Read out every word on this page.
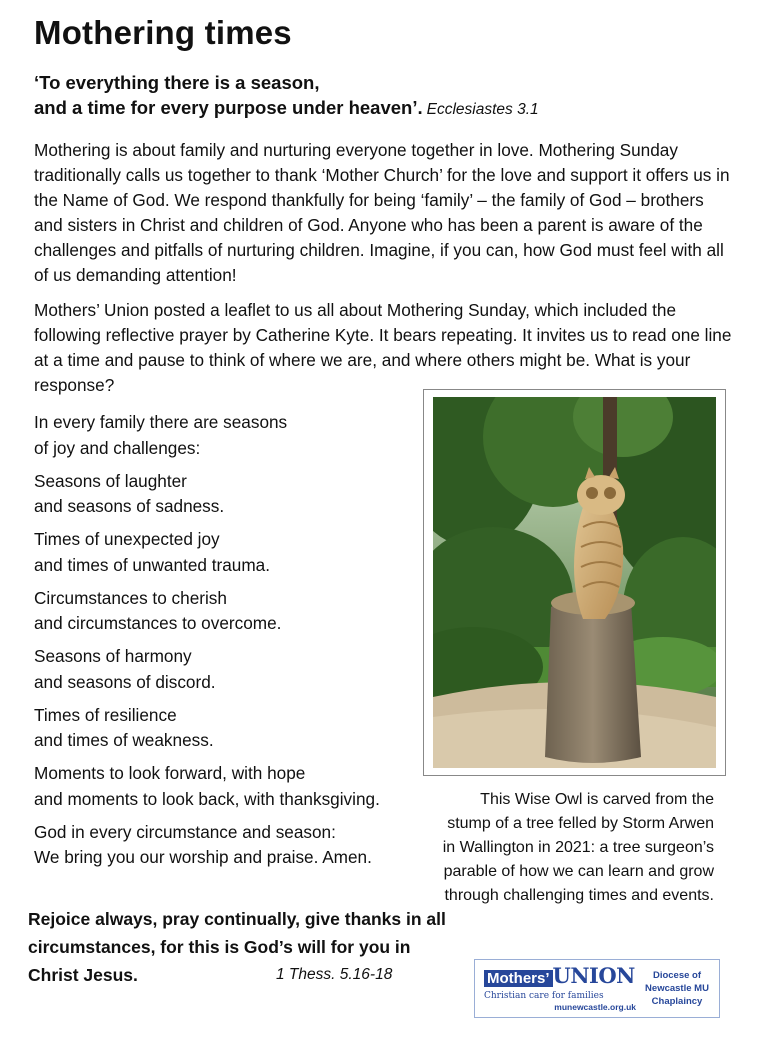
Mothering times
‘To everything there is a season,
and a time for every purpose under heaven’. Ecclesiastes 3.1
Mothering is about family and nurturing everyone together in love. Mothering Sunday traditionally calls us together to thank ‘Mother Church’ for the love and support it offers us in the Name of God. We respond thankfully for being ‘family’ – the family of God – brothers and sisters in Christ and children of God. Anyone who has been a parent is aware of the challenges and pitfalls of nurturing children. Imagine, if you can, how God must feel with all of us demanding attention!
Mothers’ Union posted a leaflet to us all about Mothering Sunday, which included the following reflective prayer by Catherine Kyte. It bears repeating. It invites us to read one line at a time and pause to think of where we are, and where others might be. What is your response?
In every family there are seasons
of joy and challenges:
Seasons of laughter
and seasons of sadness.
Times of unexpected joy
and times of unwanted trauma.
Circumstances to cherish
and circumstances to overcome.
Seasons of harmony
and seasons of discord.
Times of resilience
and times of weakness.
Moments to look forward, with hope
and moments to look back, with thanksgiving.
God in every circumstance and season:
We bring you our worship and praise. Amen.
This Wise Owl is carved from the stump of a tree felled by Storm Arwen in Wallington in 2021: a tree surgeon’s parable of how we can learn and grow through challenging times and events.
Rejoice always, pray continually, give thanks in all circumstances, for this is God’s will for you in Christ Jesus.	1 Thess. 5.16-18	Mothers’ UNION
Christian care for families
munewcastle.org.uk
Diocese of
Newcastle MU
Chaplaincy
